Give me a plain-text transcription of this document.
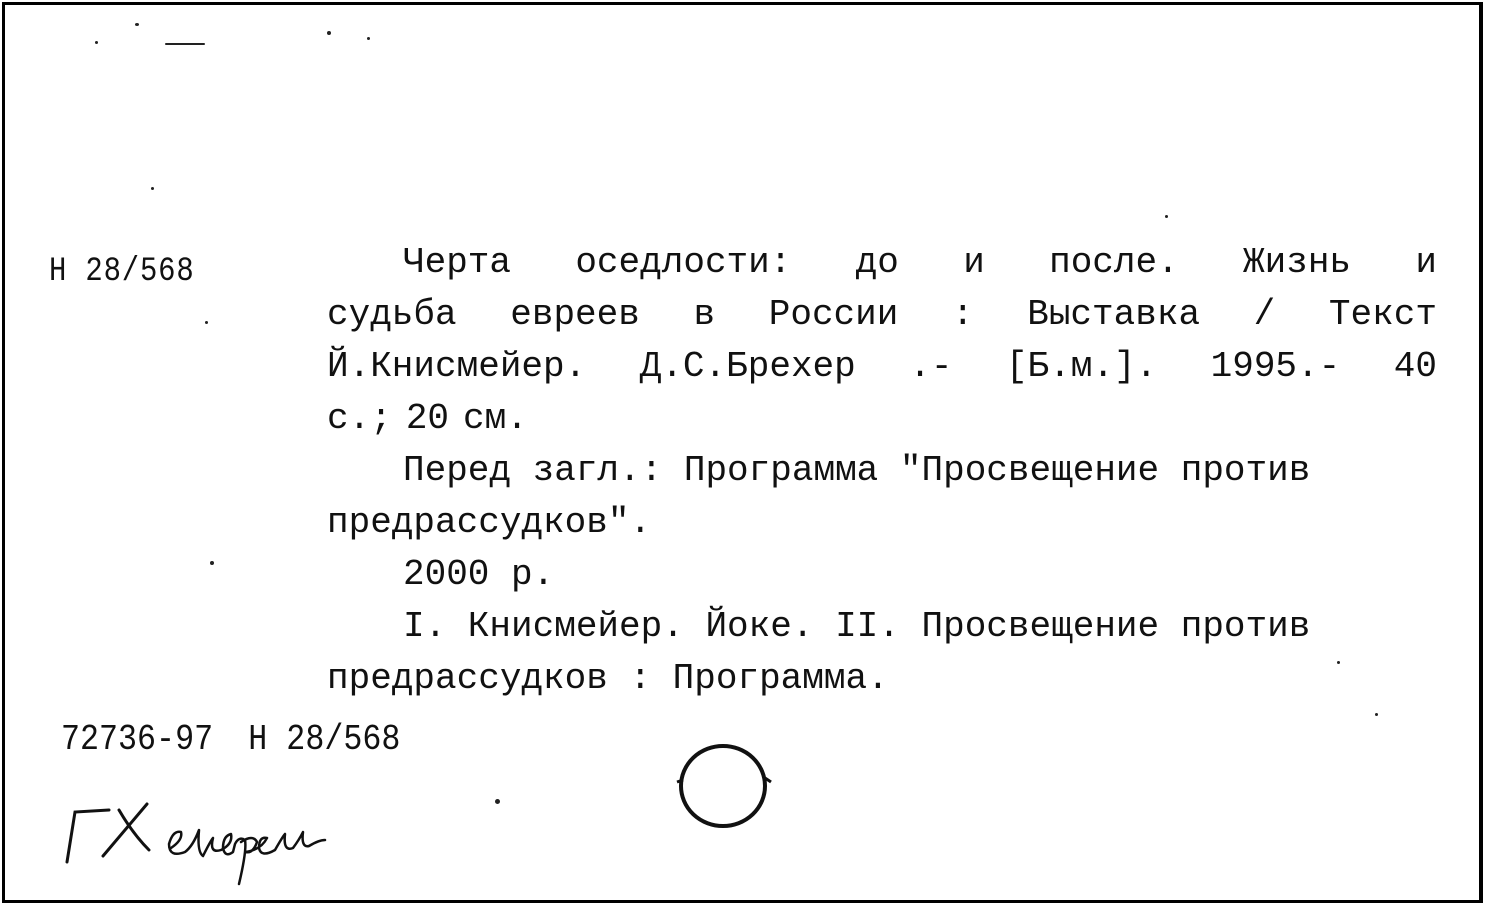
Н 28/568	Черта оседлости: до и после. Жизнь и
судьба евреев в России : Выставка / Текст
Й.Книсмейер. Д.С.Брехер .- [Б.м.]. 1995.- 40
с.; 20 см.
Перед загл.: Программа "Просвещение против
предрассудков".
2000 р.
I. Книсмейер. Йоке. II. Просвещение против
предрассудков : Программа.
72736-97 Н 28/568
